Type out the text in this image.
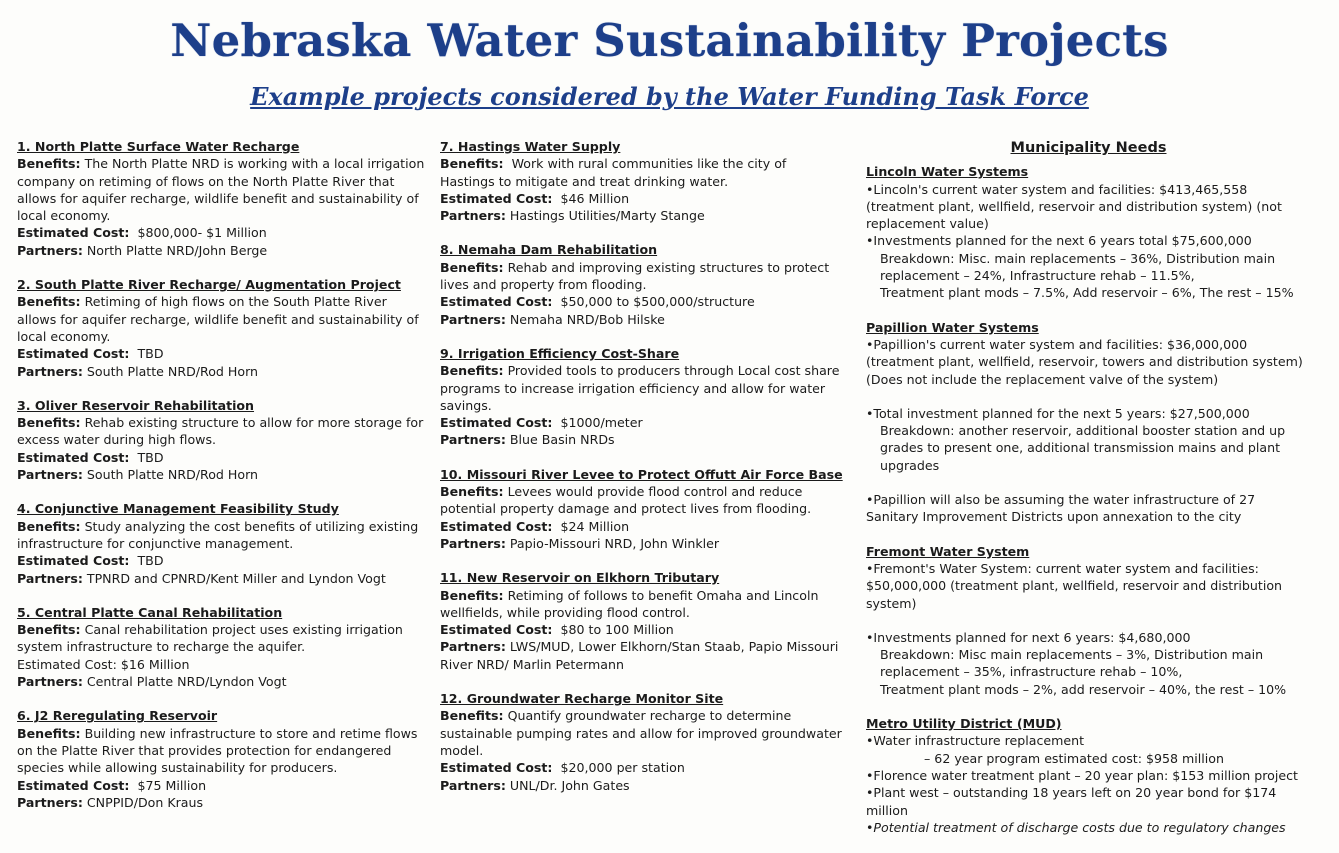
Nebraska Water Sustainability Projects
Example projects considered by the Water Funding Task Force
1. North Platte Surface Water Recharge
Benefits: The North Platte NRD is working with a local irrigation company on retiming of flows on the North Platte River that allows for aquifer recharge, wildlife benefit and sustainability of local economy.
Estimated Cost: $800,000- $1 Million
Partners: North Platte NRD/John Berge
2. South Platte River Recharge/ Augmentation Project
Benefits: Retiming of high flows on the South Platte River allows for aquifer recharge, wildlife benefit and sustainability of local economy.
Estimated Cost: TBD
Partners: South Platte NRD/Rod Horn
3. Oliver Reservoir Rehabilitation
Benefits: Rehab existing structure to allow for more storage for excess water during high flows.
Estimated Cost: TBD
Partners: South Platte NRD/Rod Horn
4. Conjunctive Management Feasibility Study
Benefits: Study analyzing the cost benefits of utilizing existing infrastructure for conjunctive management.
Estimated Cost: TBD
Partners: TPNRD and CPNRD/Kent Miller and Lyndon Vogt
5. Central Platte Canal Rehabilitation
Benefits: Canal rehabilitation project uses existing irrigation system infrastructure to recharge the aquifer.
Estimated Cost: $16 Million
Partners: Central Platte NRD/Lyndon Vogt
6. J2 Reregulating Reservoir
Benefits: Building new infrastructure to store and retime flows on the Platte River that provides protection for endangered species while allowing sustainability for producers.
Estimated Cost: $75 Million
Partners: CNPPID/Don Kraus
7. Hastings Water Supply
Benefits: Work with rural communities like the city of Hastings to mitigate and treat drinking water.
Estimated Cost: $46 Million
Partners: Hastings Utilities/Marty Stange
8. Nemaha Dam Rehabilitation
Benefits: Rehab and improving existing structures to protect lives and property from flooding.
Estimated Cost: $50,000 to $500,000/structure
Partners: Nemaha NRD/Bob Hilske
9. Irrigation Efficiency Cost-Share
Benefits: Provided tools to producers through Local cost share programs to increase irrigation efficiency and allow for water savings.
Estimated Cost: $1000/meter
Partners: Blue Basin NRDs
10. Missouri River Levee to Protect Offutt Air Force Base
Benefits: Levees would provide flood control and reduce potential property damage and protect lives from flooding.
Estimated Cost: $24 Million
Partners: Papio-Missouri NRD, John Winkler
11. New Reservoir on Elkhorn Tributary
Benefits: Retiming of follows to benefit Omaha and Lincoln wellfields, while providing flood control.
Estimated Cost: $80 to 100 Million
Partners: LWS/MUD, Lower Elkhorn/Stan Staab, Papio Missouri River NRD/ Marlin Petermann
12. Groundwater Recharge Monitor Site
Benefits: Quantify groundwater recharge to determine sustainable pumping rates and allow for improved groundwater model.
Estimated Cost: $20,000 per station
Partners: UNL/Dr. John Gates
Municipality Needs
Lincoln Water Systems
•Lincoln's current water system and facilities: $413,465,558 (treatment plant, wellfield, reservoir and distribution system) (not replacement value)
•Investments planned for the next 6 years total $75,600,000
Breakdown: Misc. main replacements – 36%, Distribution main replacement – 24%, Infrastructure rehab – 11.5%,
Treatment plant mods – 7.5%, Add reservoir – 6%, The rest – 15%
Papillion Water Systems
•Papillion's current water system and facilities: $36,000,000 (treatment plant, wellfield, reservoir, towers and distribution system) (Does not include the replacement valve of the system)
•Total investment planned for the next 5 years: $27,500,000
Breakdown: another reservoir, additional booster station and up grades to present one, additional transmission mains and plant upgrades
•Papillion will also be assuming the water infrastructure of 27 Sanitary Improvement Districts upon annexation to the city
Fremont Water System
•Fremont's Water System: current water system and facilities: $50,000,000 (treatment plant, wellfield, reservoir and distribution system)
•Investments planned for next 6 years: $4,680,000
Breakdown: Misc main replacements – 3%, Distribution main replacement – 35%, infrastructure rehab – 10%,
Treatment plant mods – 2%, add reservoir – 40%, the rest – 10%
Metro Utility District (MUD)
•Water infrastructure replacement
– 62 year program estimated cost: $958 million
•Florence water treatment plant – 20 year plan: $153 million project
•Plant west – outstanding 18 years left on 20 year bond for $174 million
•Potential treatment of discharge costs due to regulatory changes
